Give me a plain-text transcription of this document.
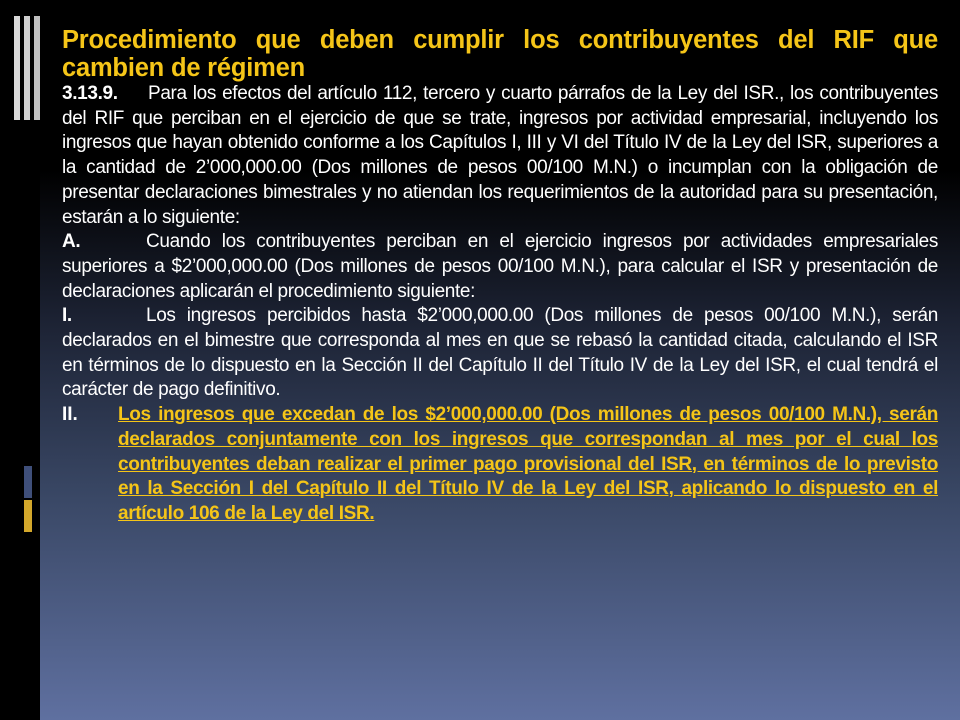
Procedimiento que deben cumplir los contribuyentes del RIF que cambien de régimen

3.13.9. Para los efectos del artículo 112, tercero y cuarto párrafos de la Ley del ISR., los contribuyentes del RIF que perciban en el ejercicio de que se trate, ingresos por actividad empresarial, incluyendo los ingresos que hayan obtenido conforme a los Capítulos I, III y VI del Título IV de la Ley del ISR, superiores a la cantidad de 2’000,000.00 (Dos millones de pesos 00/100 M.N.) o incumplan con la obligación de presentar declaraciones bimestrales y no atiendan los requerimientos de la autoridad para su presentación, estarán a lo siguiente:

A.	Cuando los contribuyentes perciban en el ejercicio ingresos por actividades empresariales superiores a $2’000,000.00 (Dos millones de pesos 00/100 M.N.), para calcular el ISR y presentación de declaraciones aplicarán el procedimiento siguiente:

I.	Los ingresos percibidos hasta $2’000,000.00 (Dos millones de pesos 00/100 M.N.), serán declarados en el bimestre que corresponda al mes en que se rebasó la cantidad citada, calculando el ISR en términos de lo dispuesto en la Sección II del Capítulo II del Título IV de la Ley del ISR, el cual tendrá el carácter de pago definitivo.

II.	Los ingresos que excedan de los $2’000,000.00 (Dos millones de pesos 00/100 M.N.), serán declarados conjuntamente con los ingresos que correspondan al mes por el cual los contribuyentes deban realizar el primer pago provisional del ISR, en términos de lo previsto en la Sección I del Capítulo II del Título IV de la Ley del ISR, aplicando lo dispuesto en el artículo 106 de la Ley del ISR.
